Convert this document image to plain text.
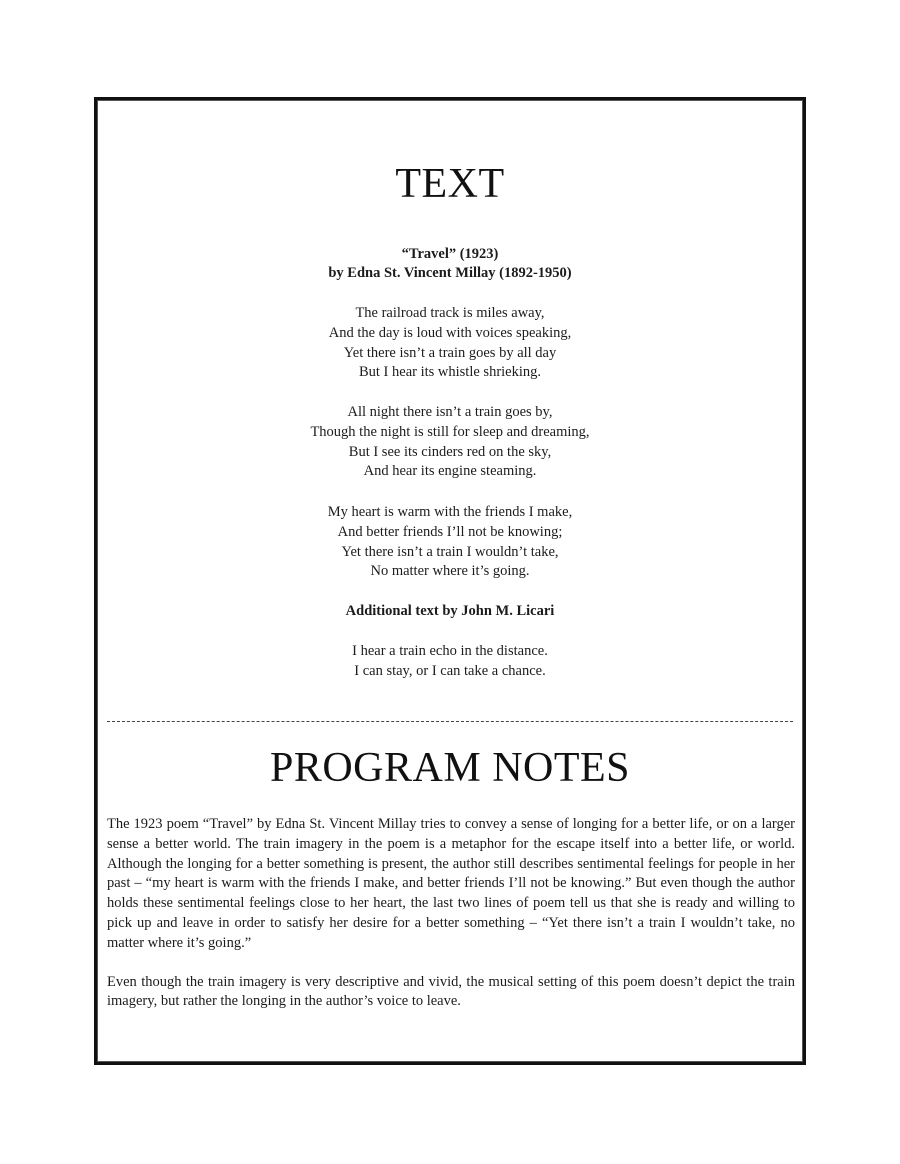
TEXT
“Travel” (1923)
by Edna St. Vincent Millay (1892-1950)
The railroad track is miles away,
And the day is loud with voices speaking,
Yet there isn’t a train goes by all day
But I hear its whistle shrieking.
All night there isn’t a train goes by,
Though the night is still for sleep and dreaming,
But I see its cinders red on the sky,
And hear its engine steaming.
My heart is warm with the friends I make,
And better friends I’ll not be knowing;
Yet there isn’t a train I wouldn’t take,
No matter where it’s going.
Additional text by John M. Licari
I hear a train echo in the distance.
I can stay, or I can take a chance.
PROGRAM NOTES

The 1923 poem “Travel” by Edna St. Vincent Millay tries to convey a sense of longing for a better life, or on a larger sense a better world. The train imagery in the poem is a metaphor for the escape itself into a better life, or world. Although the longing for a better something is present, the author still describes sentimental feelings for people in her past – “my heart is warm with the friends I make, and better friends I’ll not be knowing.” But even though the author holds these sentimental feelings close to her heart, the last two lines of poem tell us that she is ready and willing to pick up and leave in order to satisfy her desire for a better something – “Yet there isn’t a train I wouldn’t take, no matter where it’s going.”

Even though the train imagery is very descriptive and vivid, the musical setting of this poem doesn’t depict the train imagery, but rather the longing in the author’s voice to leave.
